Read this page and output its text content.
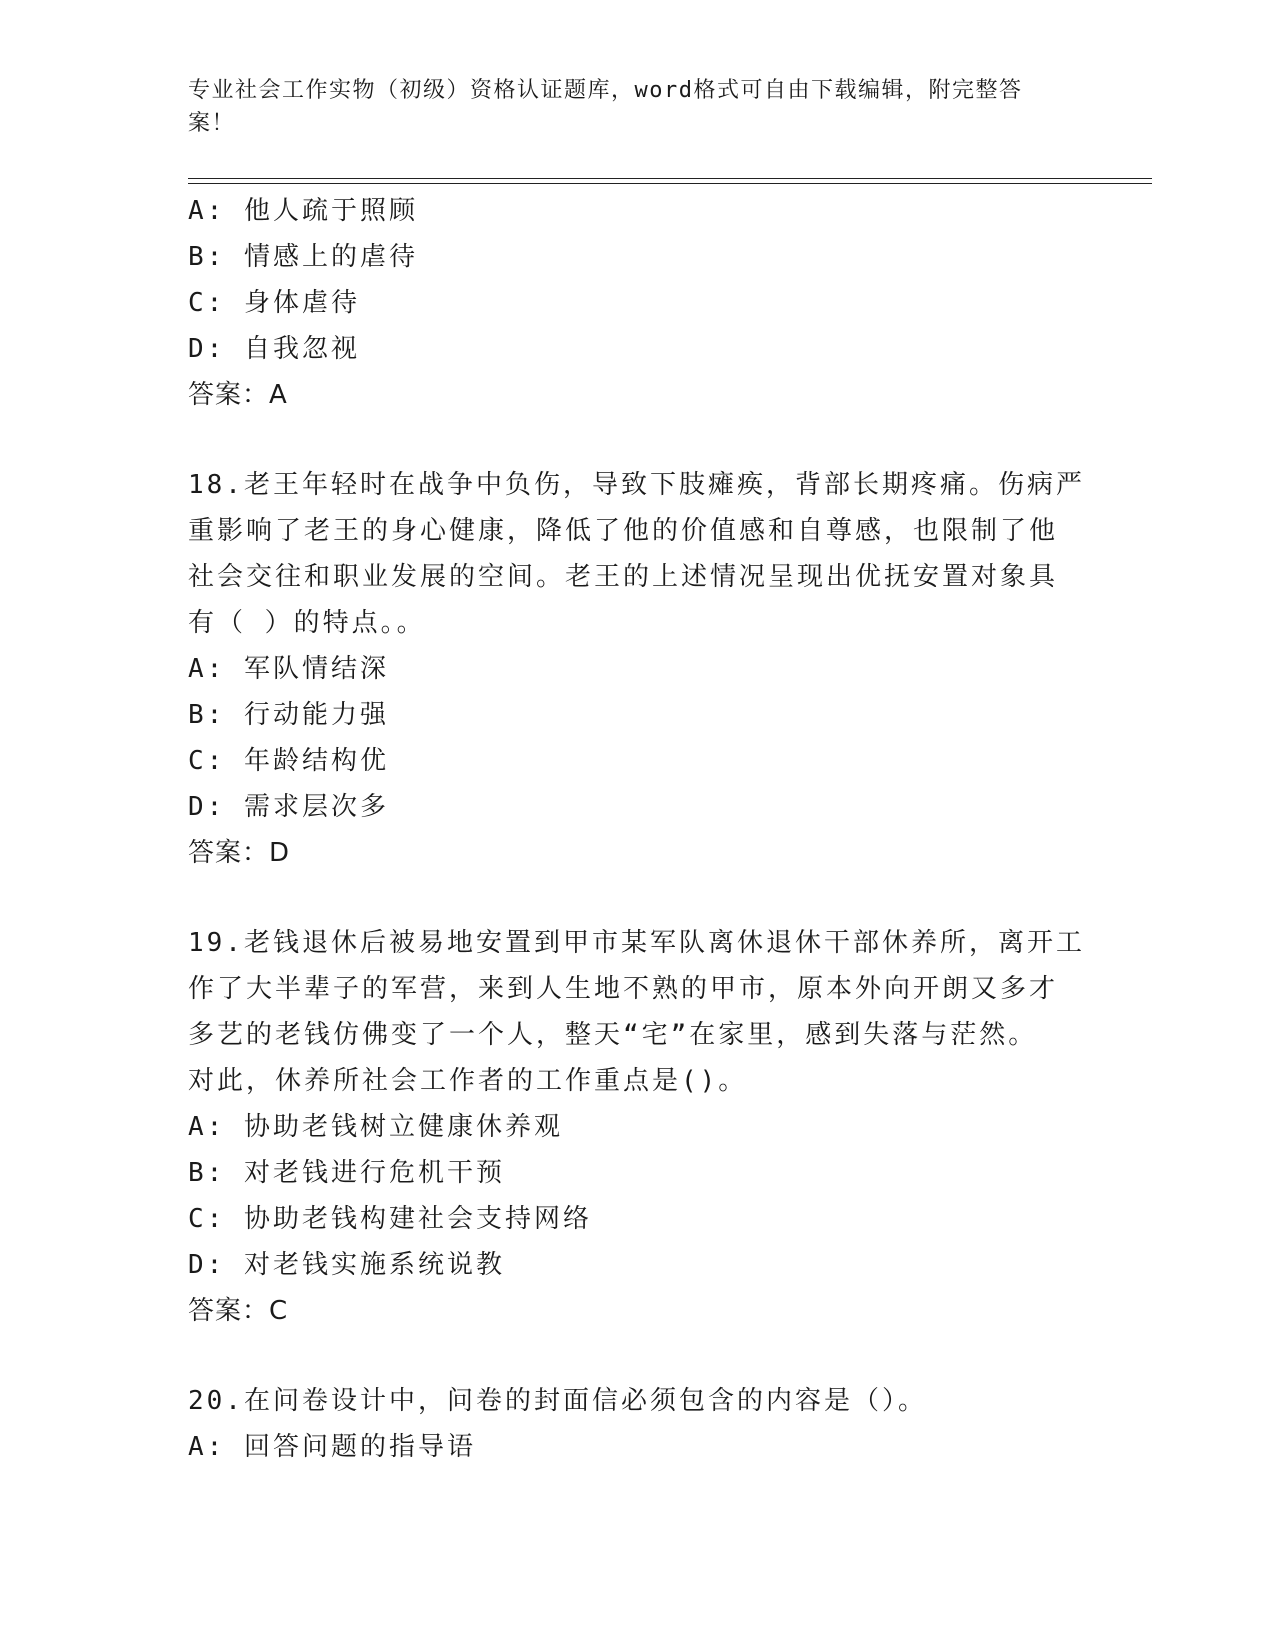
专业社会工作实物（初级）资格认证题库，word格式可自由下载编辑，附完整答
案！
A: 他人疏于照顾
B: 情感上的虐待
C: 身体虐待
D: 自我忽视
答案：A
18.老王年轻时在战争中负伤，导致下肢瘫痪，背部长期疼痛。伤病严
重影响了老王的身心健康，降低了他的价值感和自尊感，也限制了他
社会交往和职业发展的空间。老王的上述情况呈现出优抚安置对象具
有（ ）的特点。。
A: 军队情结深
B: 行动能力强
C: 年龄结构优
D: 需求层次多
答案：D
19.老钱退休后被易地安置到甲市某军队离休退休干部休养所，离开工
作了大半辈子的军营，来到人生地不熟的甲市，原本外向开朗又多才
多艺的老钱仿佛变了一个人，整天“宅”在家里，感到失落与茫然。
对此，休养所社会工作者的工作重点是()。
A: 协助老钱树立健康休养观
B: 对老钱进行危机干预
C: 协助老钱构建社会支持网络
D: 对老钱实施系统说教
答案：C
20.在问卷设计中，问卷的封面信必须包含的内容是（）。
A: 回答问题的指导语
